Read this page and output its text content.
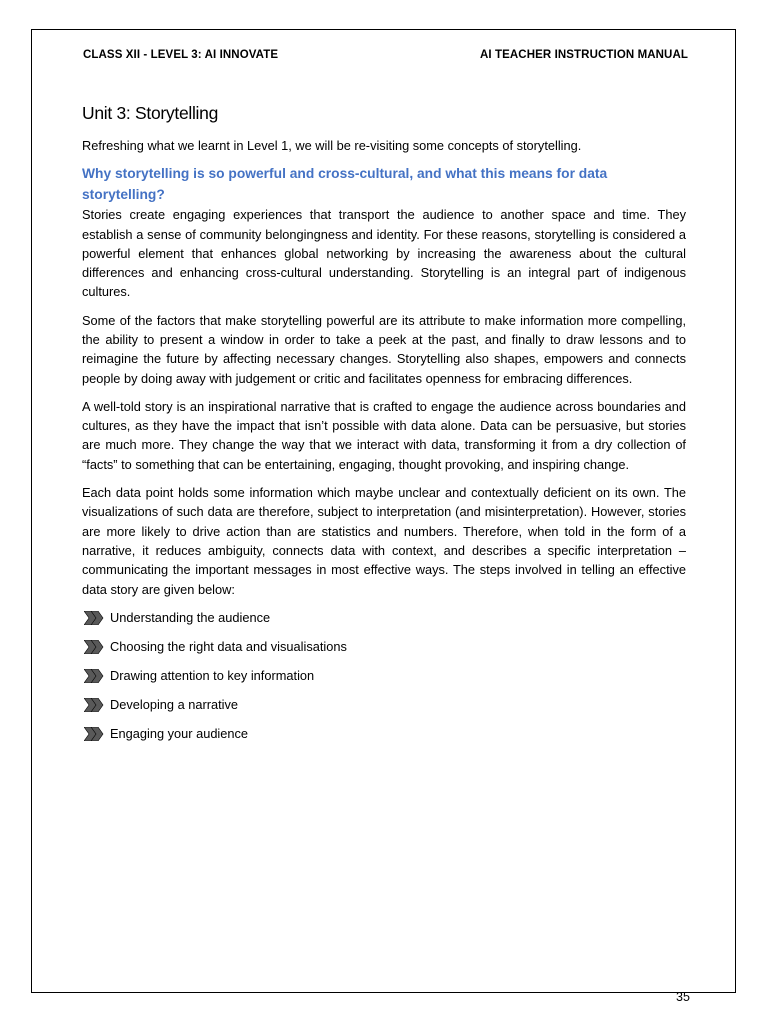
CLASS XII - LEVEL 3: AI INNOVATE	AI TEACHER INSTRUCTION MANUAL
Unit 3: Storytelling

Refreshing what we learnt in Level 1, we will be re-visiting some concepts of storytelling.

Why storytelling is so powerful and cross-cultural, and what this means for data storytelling?

Stories create engaging experiences that transport the audience to another space and time. They establish a sense of community belongingness and identity. For these reasons, storytelling is considered a powerful element that enhances global networking by increasing the awareness about the cultural differences and enhancing cross-cultural understanding. Storytelling is an integral part of indigenous cultures.

Some of the factors that make storytelling powerful are its attribute to make information more compelling, the ability to present a window in order to take a peek at the past, and finally to draw lessons and to reimagine the future by affecting necessary changes. Storytelling also shapes, empowers and connects people by doing away with judgement or critic and facilitates openness for embracing differences.

A well-told story is an inspirational narrative that is crafted to engage the audience across boundaries and cultures, as they have the impact that isn’t possible with data alone. Data can be persuasive, but stories are much more. They change the way that we interact with data, transforming it from a dry collection of “facts” to something that can be entertaining, engaging, thought provoking, and inspiring change.

Each data point holds some information which maybe unclear and contextually deficient on its own. The visualizations of such data are therefore, subject to interpretation (and misinterpretation). However, stories are more likely to drive action than are statistics and numbers. Therefore, when told in the form of a narrative, it reduces ambiguity, connects data with context, and describes a specific interpretation – communicating the important messages in most effective ways. The steps involved in telling an effective data story are given below:

Understanding the audience
Choosing the right data and visualisations
Drawing attention to key information
Developing a narrative
Engaging your audience
35
